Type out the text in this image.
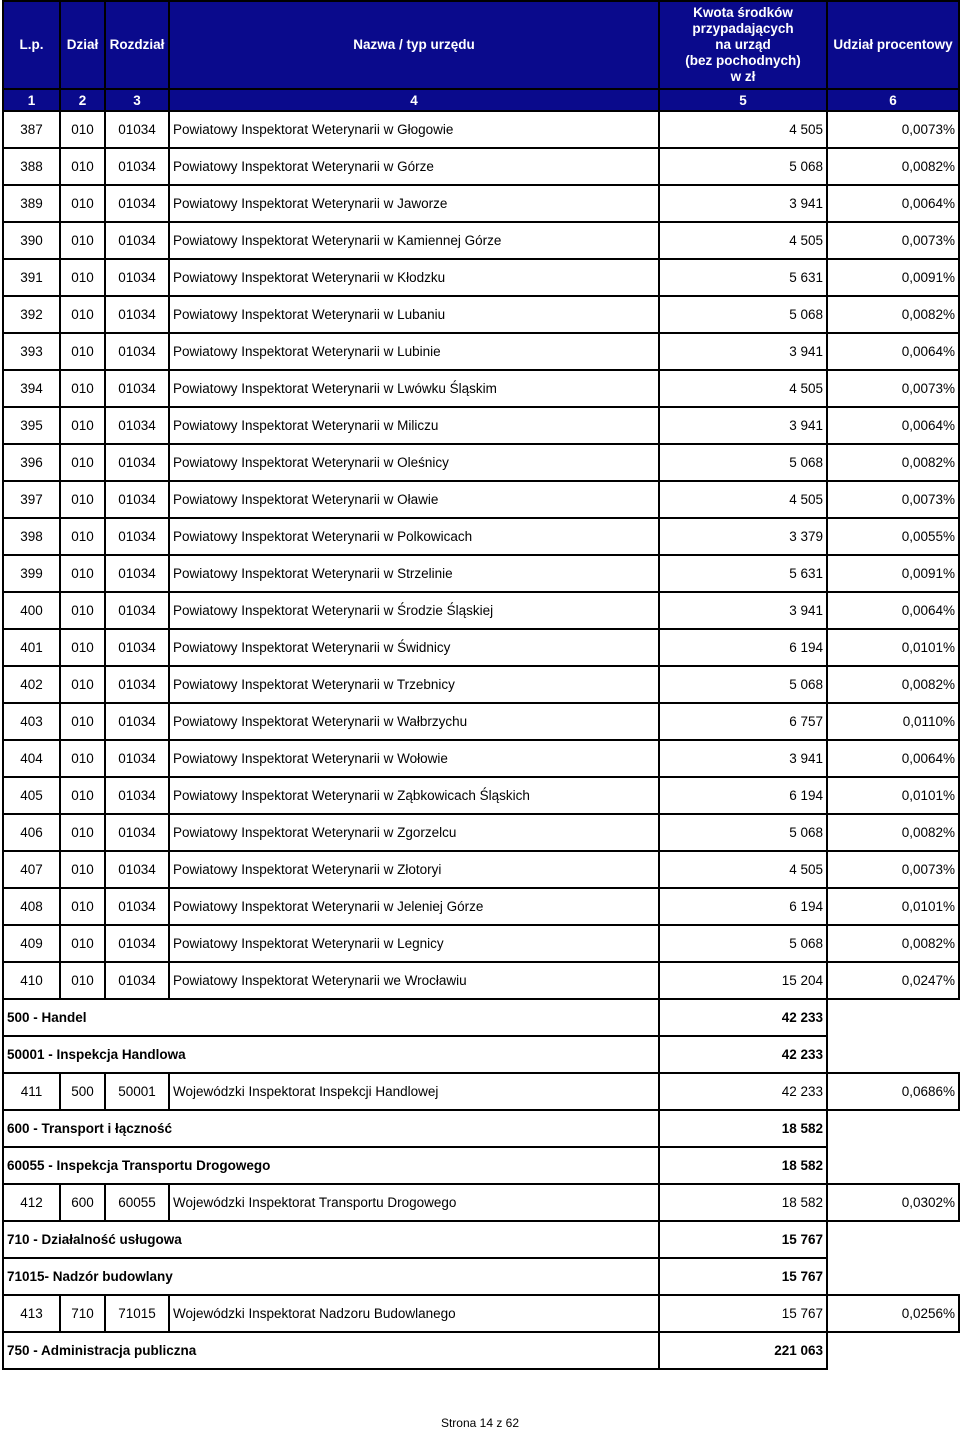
L.p.	Dział	Rozdział	Nazwa / typ urzędu	Kwota środków
przypadających
na urząd
(bez pochodnych)
w zł	Udział procentowy
1	2	3	4	5	6
387	010	01034	Powiatowy Inspektorat Weterynarii w Głogowie	4 505	0,0073%
388	010	01034	Powiatowy Inspektorat Weterynarii w Górze	5 068	0,0082%
389	010	01034	Powiatowy Inspektorat Weterynarii w Jaworze	3 941	0,0064%
390	010	01034	Powiatowy Inspektorat Weterynarii w Kamiennej Górze	4 505	0,0073%
391	010	01034	Powiatowy Inspektorat Weterynarii w Kłodzku	5 631	0,0091%
392	010	01034	Powiatowy Inspektorat Weterynarii w Lubaniu	5 068	0,0082%
393	010	01034	Powiatowy Inspektorat Weterynarii w Lubinie	3 941	0,0064%
394	010	01034	Powiatowy Inspektorat Weterynarii w Lwówku Śląskim	4 505	0,0073%
395	010	01034	Powiatowy Inspektorat Weterynarii w Miliczu	3 941	0,0064%
396	010	01034	Powiatowy Inspektorat Weterynarii w Oleśnicy	5 068	0,0082%
397	010	01034	Powiatowy Inspektorat Weterynarii w Oławie	4 505	0,0073%
398	010	01034	Powiatowy Inspektorat Weterynarii w Polkowicach	3 379	0,0055%
399	010	01034	Powiatowy Inspektorat Weterynarii w Strzelinie	5 631	0,0091%
400	010	01034	Powiatowy Inspektorat Weterynarii w Środzie Śląskiej	3 941	0,0064%
401	010	01034	Powiatowy Inspektorat Weterynarii w Świdnicy	6 194	0,0101%
402	010	01034	Powiatowy Inspektorat Weterynarii w Trzebnicy	5 068	0,0082%
403	010	01034	Powiatowy Inspektorat Weterynarii w Wałbrzychu	6 757	0,0110%
404	010	01034	Powiatowy Inspektorat Weterynarii w Wołowie	3 941	0,0064%
405	010	01034	Powiatowy Inspektorat Weterynarii w Ząbkowicach Śląskich	6 194	0,0101%
406	010	01034	Powiatowy Inspektorat Weterynarii w Zgorzelcu	5 068	0,0082%
407	010	01034	Powiatowy Inspektorat Weterynarii w Złotoryi	4 505	0,0073%
408	010	01034	Powiatowy Inspektorat Weterynarii w Jeleniej Górze	6 194	0,0101%
409	010	01034	Powiatowy Inspektorat Weterynarii w Legnicy	5 068	0,0082%
410	010	01034	Powiatowy Inspektorat Weterynarii we Wrocławiu	15 204	0,0247%
500 - Handel				42 233	
50001 - Inspekcja Handlowa				42 233	
411	500	50001	Wojewódzki Inspektorat Inspekcji Handlowej	42 233	0,0686%
600 - Transport i łączność				18 582	
60055 - Inspekcja Transportu Drogowego				18 582	
412	600	60055	Wojewódzki Inspektorat Transportu Drogowego	18 582	0,0302%
710 - Działalność usługowa				15 767	
71015- Nadzór budowlany				15 767	
413	710	71015	Wojewódzki Inspektorat Nadzoru Budowlanego	15 767	0,0256%
750 - Administracja publiczna				221 063	
Strona 14 z 62
